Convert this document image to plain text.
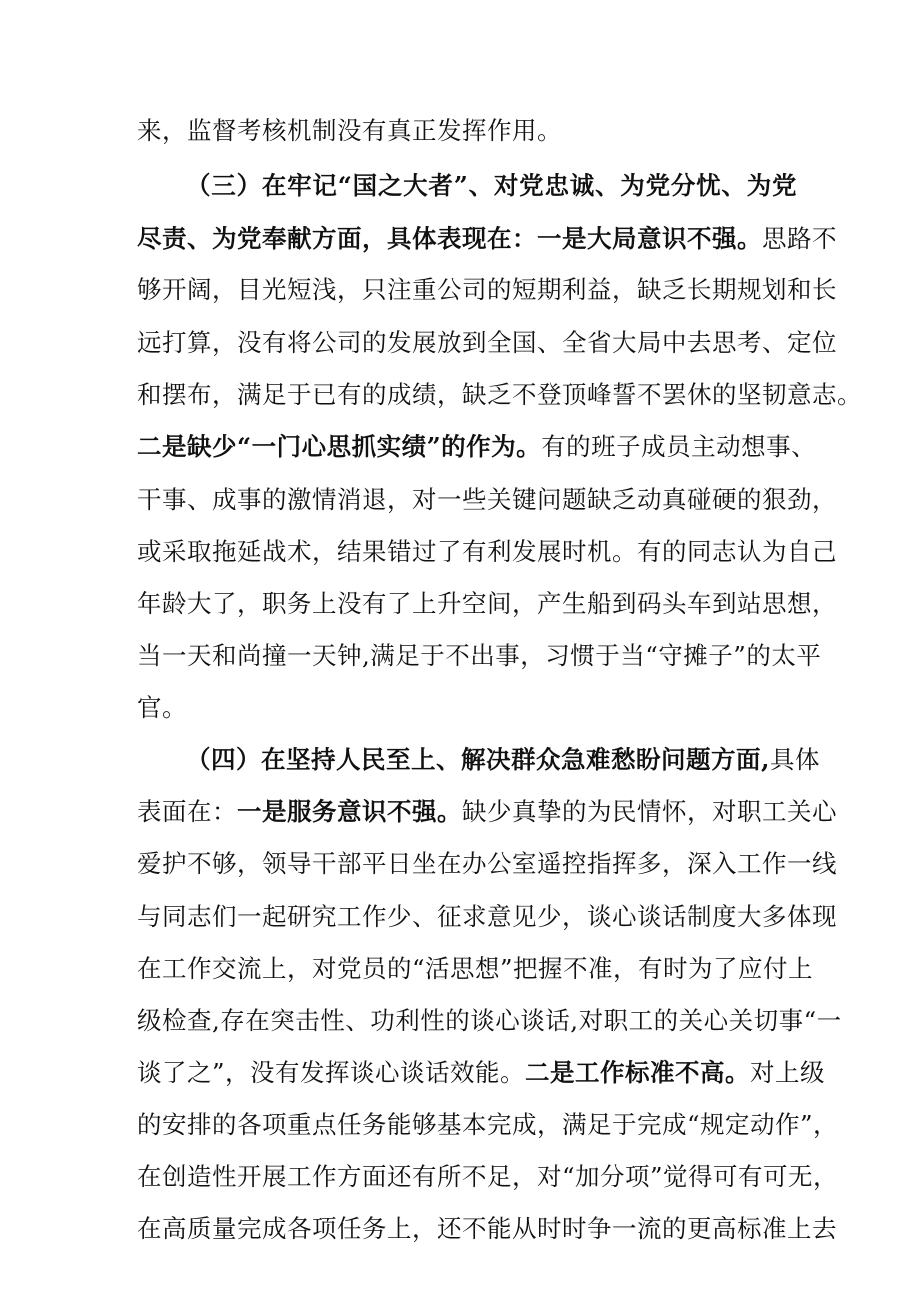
来，监督考核机制没有真正发挥作用。
（三）在牢记“国之大者”、对党忠诚、为党分忧、为党
尽责、为党奉献方面，具体表现在：一是大局意识不强。思路不
够开阔，目光短浅，只注重公司的短期利益，缺乏长期规划和长
远打算，没有将公司的发展放到全国、全省大局中去思考、定位
和摆布，满足于已有的成绩，缺乏不登顶峰誓不罢休的坚韧意志。
二是缺少“一门心思抓实绩”的作为。有的班子成员主动想事、
干事、成事的激情消退，对一些关键问题缺乏动真碰硬的狠劲，
或采取拖延战术，结果错过了有利发展时机。有的同志认为自己
年龄大了，职务上没有了上升空间，产生船到码头车到站思想，
当一天和尚撞一天钟,满足于不出事，习惯于当“守摊子”的太平
官。
（四）在坚持人民至上、解决群众急难愁盼问题方面,具体
表面在：一是服务意识不强。缺少真挚的为民情怀，对职工关心
爱护不够，领导干部平日坐在办公室遥控指挥多，深入工作一线
与同志们一起研究工作少、征求意见少，谈心谈话制度大多体现
在工作交流上，对党员的“活思想”把握不准，有时为了应付上
级检查,存在突击性、功利性的谈心谈话,对职工的关心关切事“一
谈了之”，没有发挥谈心谈话效能。二是工作标准不高。对上级
的安排的各项重点任务能够基本完成，满足于完成“规定动作”，
在创造性开展工作方面还有所不足，对“加分项”觉得可有可无，
在高质量完成各项任务上，还不能从时时争一流的更高标准上去
